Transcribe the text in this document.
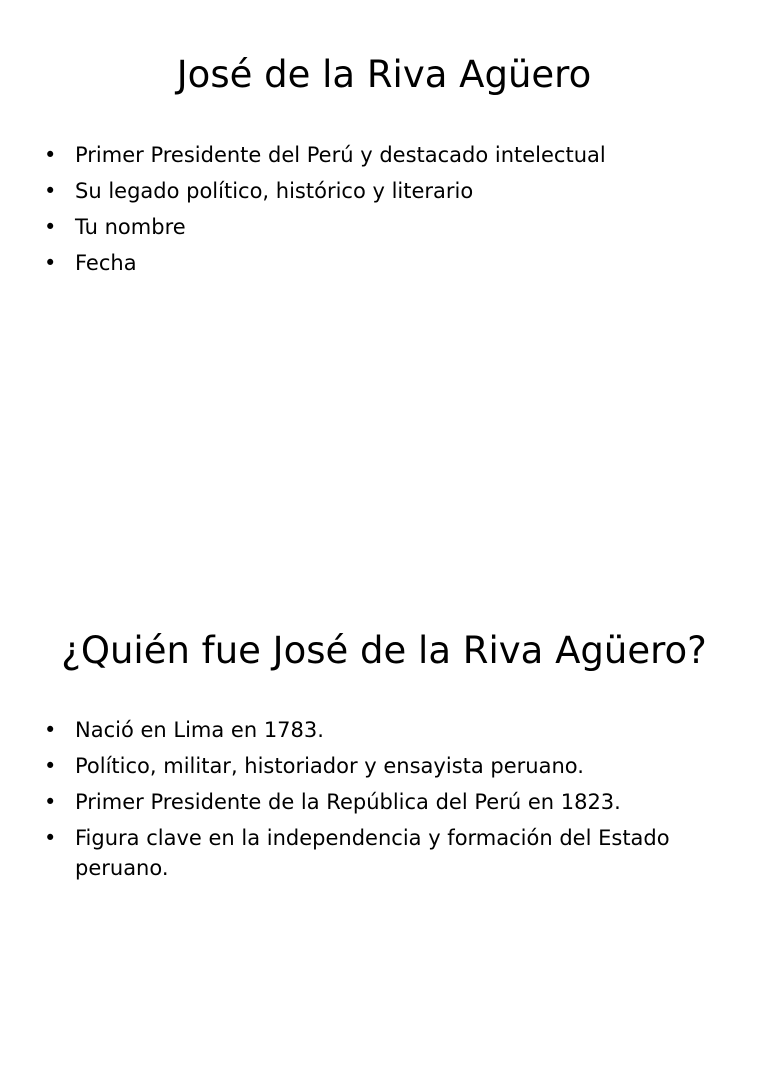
José de la Riva Agüero
• Primer Presidente del Perú y destacado intelectual
• Su legado político, histórico y literario
• Tu nombre
• Fecha
¿Quién fue José de la Riva Agüero?
• Nació en Lima en 1783.
• Político, militar, historiador y ensayista peruano.
• Primer Presidente de la República del Perú en 1823.
• Figura clave en la independencia y formación del Estado peruano.
